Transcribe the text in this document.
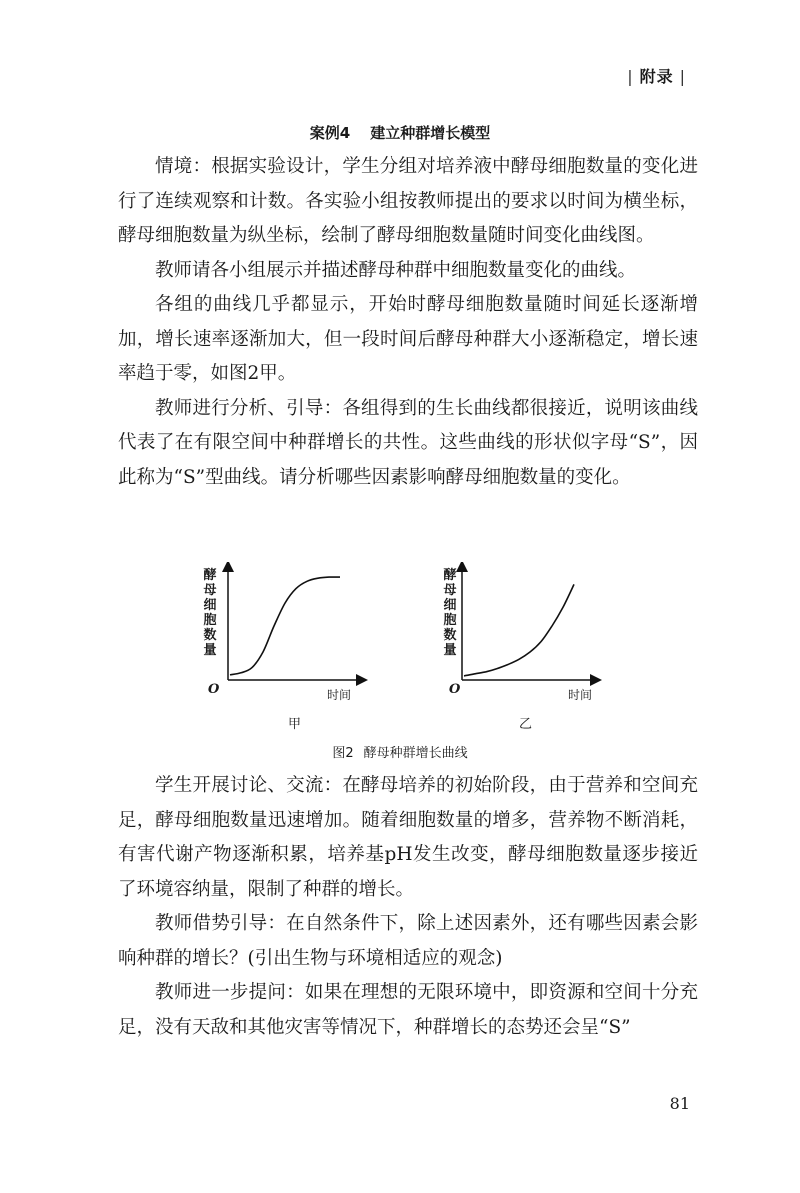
| 附录 |
案例4 建立种群增长模型

情境：根据实验设计，学生分组对培养液中酵母细胞数量的变化进行了连续观察和计数。各实验小组按教师提出的要求以时间为横坐标，酵母细胞数量为纵坐标，绘制了酵母细胞数量随时间变化曲线图。

教师请各小组展示并描述酵母种群中细胞数量变化的曲线。

各组的曲线几乎都显示，开始时酵母细胞数量随时间延长逐渐增加，增长速率逐渐加大，但一段时间后酵母种群大小逐渐稳定，增长速率趋于零，如图2甲。

教师进行分析、引导：各组得到的生长曲线都很接近，说明该曲线代表了在有限空间中种群增长的共性。这些曲线的形状似字母“S”，因此称为“S”型曲线。请分析哪些因素影响酵母细胞数量的变化。

酵
母
细
胞
数
量
O	时间
甲
酵
母
细
胞
数
量
O	时间
乙
图2 酵母种群增长曲线

学生开展讨论、交流：在酵母培养的初始阶段，由于营养和空间充足，酵母细胞数量迅速增加。随着细胞数量的增多，营养物不断消耗，有害代谢产物逐渐积累，培养基pH发生改变，酵母细胞数量逐步接近了环境容纳量，限制了种群的增长。

教师借势引导：在自然条件下，除上述因素外，还有哪些因素会影响种群的增长？(引出生物与环境相适应的观念)

教师进一步提问：如果在理想的无限环境中，即资源和空间十分充足，没有天敌和其他灾害等情况下，种群增长的态势还会呈“S”

81
